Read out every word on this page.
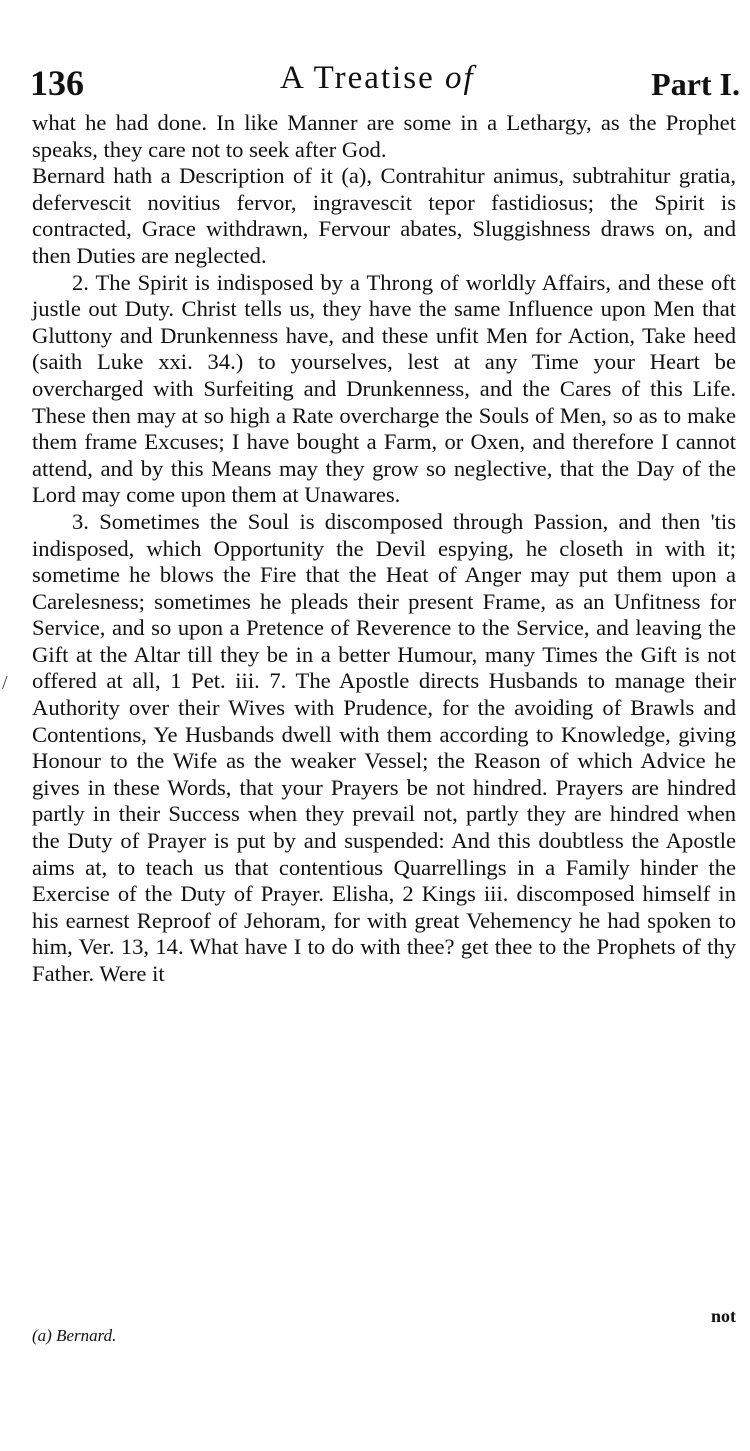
136	A Treatise of	Part I.
/

what he had done. In like Manner are some in a Lethargy, as the Prophet speaks, they care not to seek after God.

Bernard hath a Description of it (a), Contrahitur animus, subtrahitur gratia, defervescit novitius fervor, ingravescit tepor fastidiosus; the Spirit is contracted, Grace withdrawn, Fervour abates, Sluggishness draws on, and then Duties are neglected.

2. The Spirit is indisposed by a Throng of worldly Affairs, and these oft justle out Duty. Christ tells us, they have the same Influence upon Men that Gluttony and Drunkenness have, and these unfit Men for Action, Take heed (saith Luke xxi. 34.) to yourselves, lest at any Time your Heart be overcharged with Surfeiting and Drunkenness, and the Cares of this Life. These then may at so high a Rate overcharge the Souls of Men, so as to make them frame Excuses; I have bought a Farm, or Oxen, and therefore I cannot attend, and by this Means may they grow so neglective, that the Day of the Lord may come upon them at Unawares.

3. Sometimes the Soul is discomposed through Passion, and then 'tis indisposed, which Opportunity the Devil espying, he closeth in with it; sometime he blows the Fire that the Heat of Anger may put them upon a Carelesness; sometimes he pleads their present Frame, as an Unfitness for Service, and so upon a Pretence of Reverence to the Service, and leaving the Gift at the Altar till they be in a better Humour, many Times the Gift is not offered at all, 1 Pet. iii. 7. The Apostle directs Husbands to manage their Authority over their Wives with Prudence, for the avoiding of Brawls and Contentions, Ye Husbands dwell with them according to Knowledge, giving Honour to the Wife as the weaker Vessel; the Reason of which Advice he gives in these Words, that your Prayers be not hindred. Prayers are hindred partly in their Success when they prevail not, partly they are hindred when the Duty of Prayer is put by and suspended: And this doubtless the Apostle aims at, to teach us that contentious Quarrellings in a Family hinder the Exercise of the Duty of Prayer. Elisha, 2 Kings iii. discomposed himself in his earnest Reproof of Jehoram, for with great Vehemency he had spoken to him, Ver. 13, 14. What have I to do with thee? get thee to the Prophets of thy Father. Were it

(a) Bernard.
not
